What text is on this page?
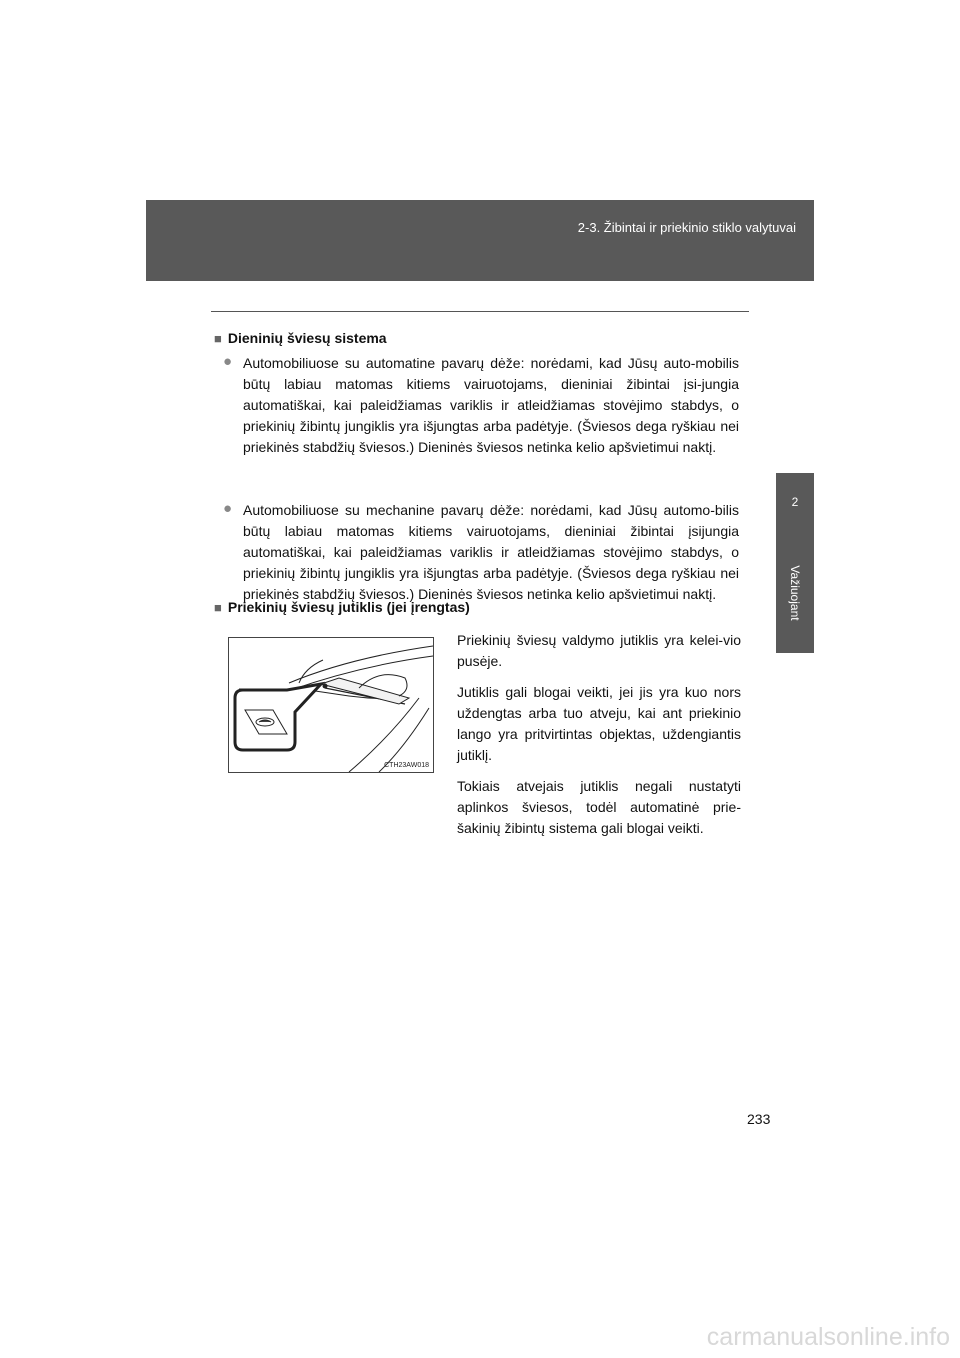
2-3. Žibintai ir priekinio stiklo valytuvai
2
Važiuojant
■ Dieninių šviesų sistema
● Automobiliuose su automatine pavarų dėže: norėdami, kad Jūsų auto-mobilis būtų labiau matomas kitiems vairuotojams, dieniniai žibintai įsi-jungia automatiškai, kai paleidžiamas variklis ir atleidžiamas stovėjimo stabdys, o priekinių žibintų jungiklis yra išjungtas arba padėtyje. (Šviesos dega ryškiau nei priekinės stabdžių šviesos.) Dieninės šviesos netinka kelio apšvietimui naktį.

● Automobiliuose su mechanine pavarų dėže: norėdami, kad Jūsų automo-bilis būtų labiau matomas kitiems vairuotojams, dieniniai žibintai įsijungia automatiškai, kai paleidžiamas variklis ir atleidžiamas stovėjimo stabdys, o priekinių žibintų jungiklis yra išjungtas arba padėtyje. (Šviesos dega ryškiau nei priekinės stabdžių šviesos.) Dieninės šviesos netinka kelio apšvietimui naktį.

■ Priekinių šviesų jutiklis (jei įrengtas)
CTH23AW018

Priekinių šviesų valdymo jutiklis yra kelei-vio pusėje.

Jutiklis gali blogai veikti, jei jis yra kuo nors uždengtas arba tuo atveju, kai ant priekinio lango yra pritvirtintas objektas, uždengiantis jutiklį.

Tokiais atvejais jutiklis negali nustatyti aplinkos šviesos, todėl automatinė prie-šakinių žibintų sistema gali blogai veikti.

233
carmanualsonline.info
